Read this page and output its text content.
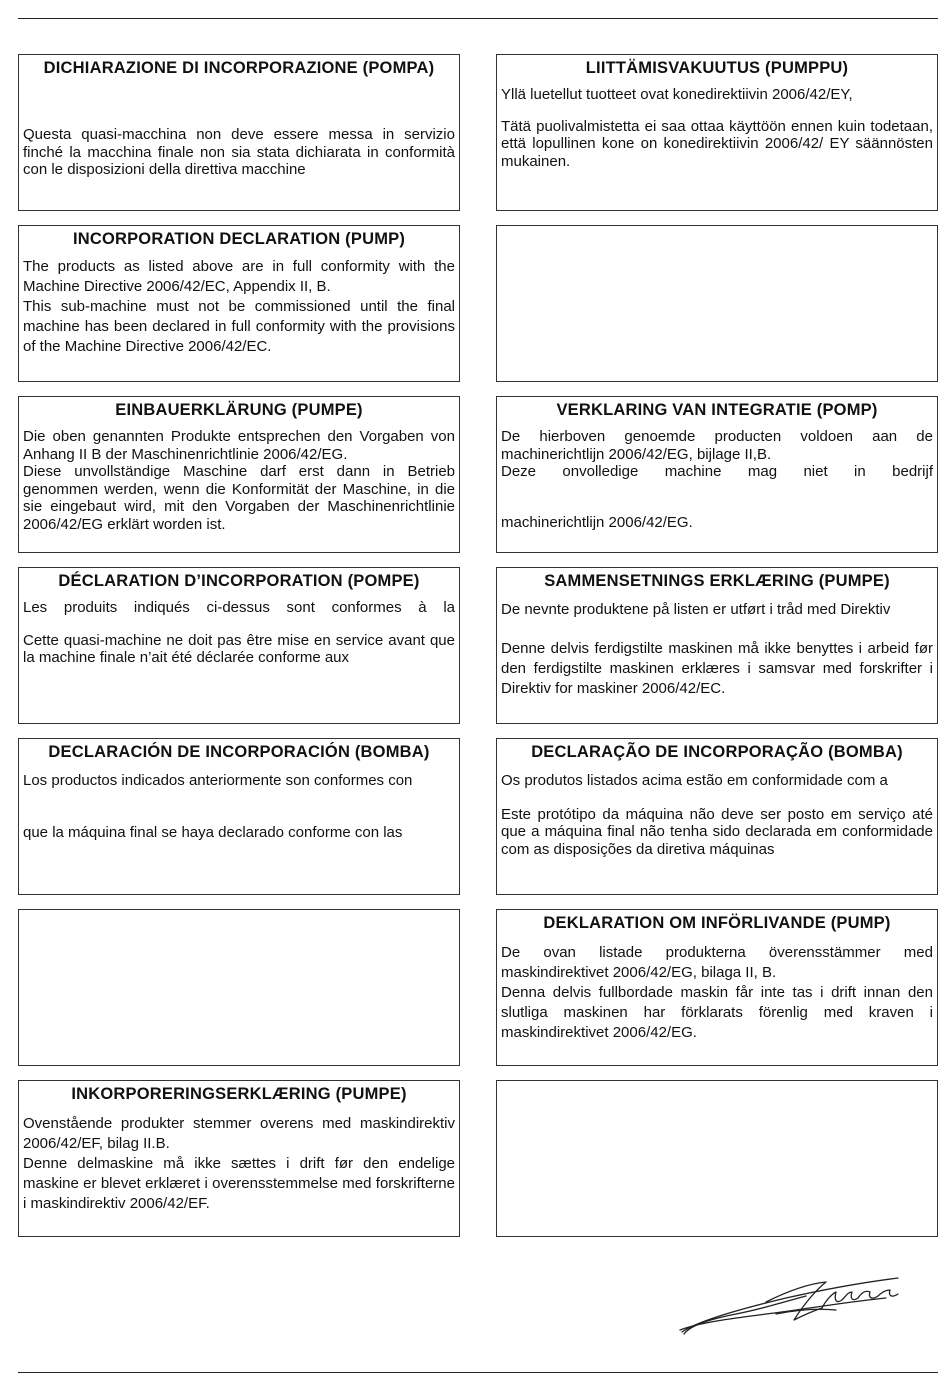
DICHIARAZIONE DI INCORPORAZIONE (POMPA)

Questa quasi-macchina non deve essere messa in servizio finché la macchina finale non sia stata dichiarata in conformità con le disposizioni della direttiva macchine

LIITTÄMISVAKUUTUS (PUMPPU)

Yllä luetellut tuotteet ovat konedirektiivin 2006/42/EY,

Tätä puolivalmistetta ei saa ottaa käyttöön ennen kuin todetaan, että lopullinen kone on konedirektiivin 2006/42/ EY säännösten mukainen.

INCORPORATION DECLARATION (PUMP)

The products as listed above are in full conformity with the Machine Directive 2006/42/EC, Appendix II, B.

This sub-machine must not be commissioned until the final machine has been declared in full conformity with the provisions of the Machine Directive 2006/42/EC.

EINBAUERKLÄRUNG (PUMPE)

Die oben genannten Produkte entsprechen den Vorgaben von Anhang II B der Maschinenrichtlinie 2006/42/EG.

Diese unvollständige Maschine darf erst dann in Betrieb genommen werden, wenn die Konformität der Maschine, in die sie eingebaut wird, mit den Vorgaben der Maschinenrichtlinie 2006/42/EG erklärt worden ist.

VERKLARING VAN INTEGRATIE (POMP)

De hierboven genoemde producten voldoen aan de machinerichtlijn 2006/42/EG, bijlage II,B.

Deze onvolledige machine mag niet in bedrijf

machinerichtlijn 2006/42/EG.

DÉCLARATION D’INCORPORATION (POMPE)

Les produits indiqués ci-dessus sont conformes à la

Cette quasi-machine ne doit pas être mise en service avant que la machine finale n’ait été déclarée conforme aux

SAMMENSETNINGS ERKLÆRING (PUMPE)

De nevnte produktene på listen er utført i tråd med Direktiv

Denne delvis ferdigstilte maskinen må ikke benyttes i arbeid før den ferdigstilte maskinen erklæres i samsvar med forskrifter i Direktiv for maskiner 2006/42/EC.

DECLARACIÓN DE INCORPORACIÓN (BOMBA)

Los productos indicados anteriormente son conformes con

que la máquina final se haya declarado conforme con las

DECLARAÇÃO DE INCORPORAÇÃO (BOMBA)

Os produtos listados acima estão em conformidade com a

Este protótipo da máquina não deve ser posto em serviço até que a máquina final não tenha sido declarada em conformidade com as disposições da diretiva máquinas

DEKLARATION OM INFÖRLIVANDE (PUMP)

De ovan listade produkterna överensstämmer med maskindirektivet 2006/42/EG, bilaga II, B.

Denna delvis fullbordade maskin får inte tas i drift innan den slutliga maskinen har förklarats förenlig med kraven i maskindirektivet 2006/42/EG.

INKORPORERINGSERKLÆRING (PUMPE)

Ovenstående produkter stemmer overens med maskindirektiv 2006/42/EF, bilag II.B.

Denne delmaskine må ikke sættes i drift før den endelige maskine er blevet erklæret i overensstemmelse med forskrifterne i maskindirektiv 2006/42/EF.
